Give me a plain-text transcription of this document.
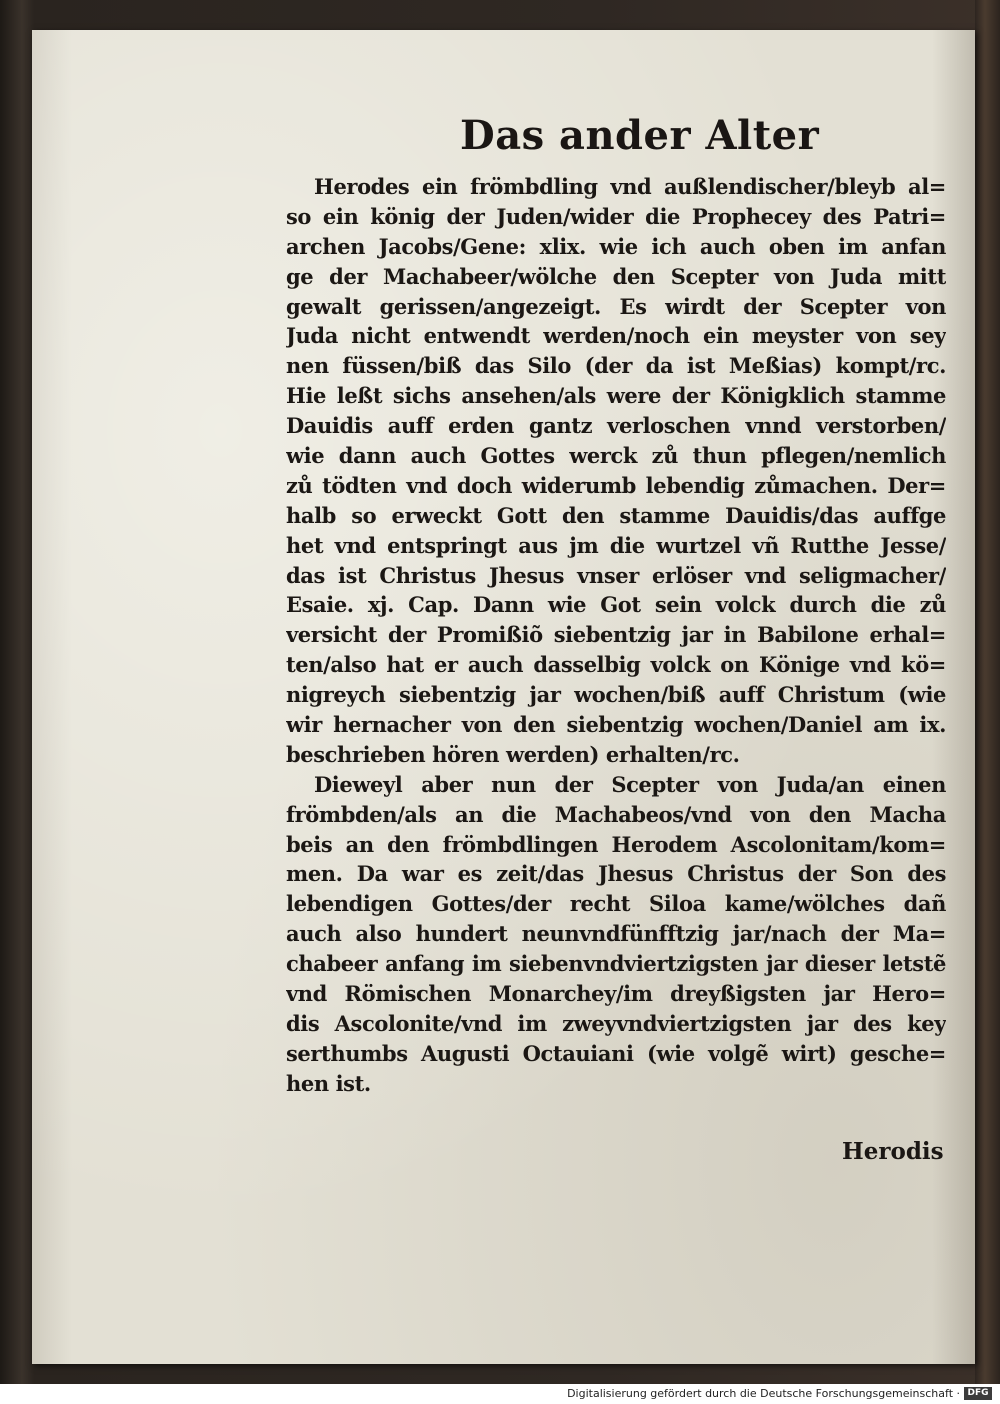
Das ander Alter
Herodes ein frömbdling vnd außlendischer/bleyb al=
so ein könig der Juden/wider die Prophecey des Patri=
archen Jacobs/Gene: xlix. wie ich auch oben im anfan
ge der Machabeer/wölche den Scepter von Juda mitt
gewalt gerissen/angezeigt. Es wirdt der Scepter von
Juda nicht entwendt werden/noch ein meyster von sey
nen füssen/biß das Silo (der da ist Meßias) kompt/rc.
Hie leßt sichs ansehen/als were der Königklich stamme
Dauidis auff erden gantz verloschen vnnd verstorben/
wie dann auch Gottes werck zů thun pflegen/nemlich
zů tödten vnd doch widerumb lebendig zůmachen. Der=
halb so erweckt Gott den stamme Dauidis/das auffge
het vnd entspringt aus jm die wurtzel vñ Rutthe Jesse/
das ist Christus Jhesus vnser erlöser vnd seligmacher/
Esaie. xj. Cap. Dann wie Got sein volck durch die zů
versicht der Promißiõ siebentzig jar in Babilone erhal=
ten/also hat er auch dasselbig volck on Könige vnd kö=
nigreych siebentzig jar wochen/biß auff Christum (wie
wir hernacher von den siebentzig wochen/Daniel am ix.
beschrieben hören werden) erhalten/rc.
Dieweyl aber nun der Scepter von Juda/an einen
frömbden/als an die Machabeos/vnd von den Macha
beis an den frömbdlingen Herodem Ascolonitam/kom=
men. Da war es zeit/das Jhesus Christus der Son des
lebendigen Gottes/der recht Siloa kame/wölches dañ
auch also hundert neunvndfünfftzig jar/nach der Ma=
chabeer anfang im siebenvndviertzigsten jar dieser letstẽ
vnd Römischen Monarchey/im dreyßigsten jar Hero=
dis Ascolonite/vnd im zweyvndviertzigsten jar des key
serthumbs Augusti Octauiani (wie volgẽ wirt) gesche=
hen ist.
Herodis
Digitalisierung gefördert durch die Deutsche Forschungsgemeinschaft · DFG
